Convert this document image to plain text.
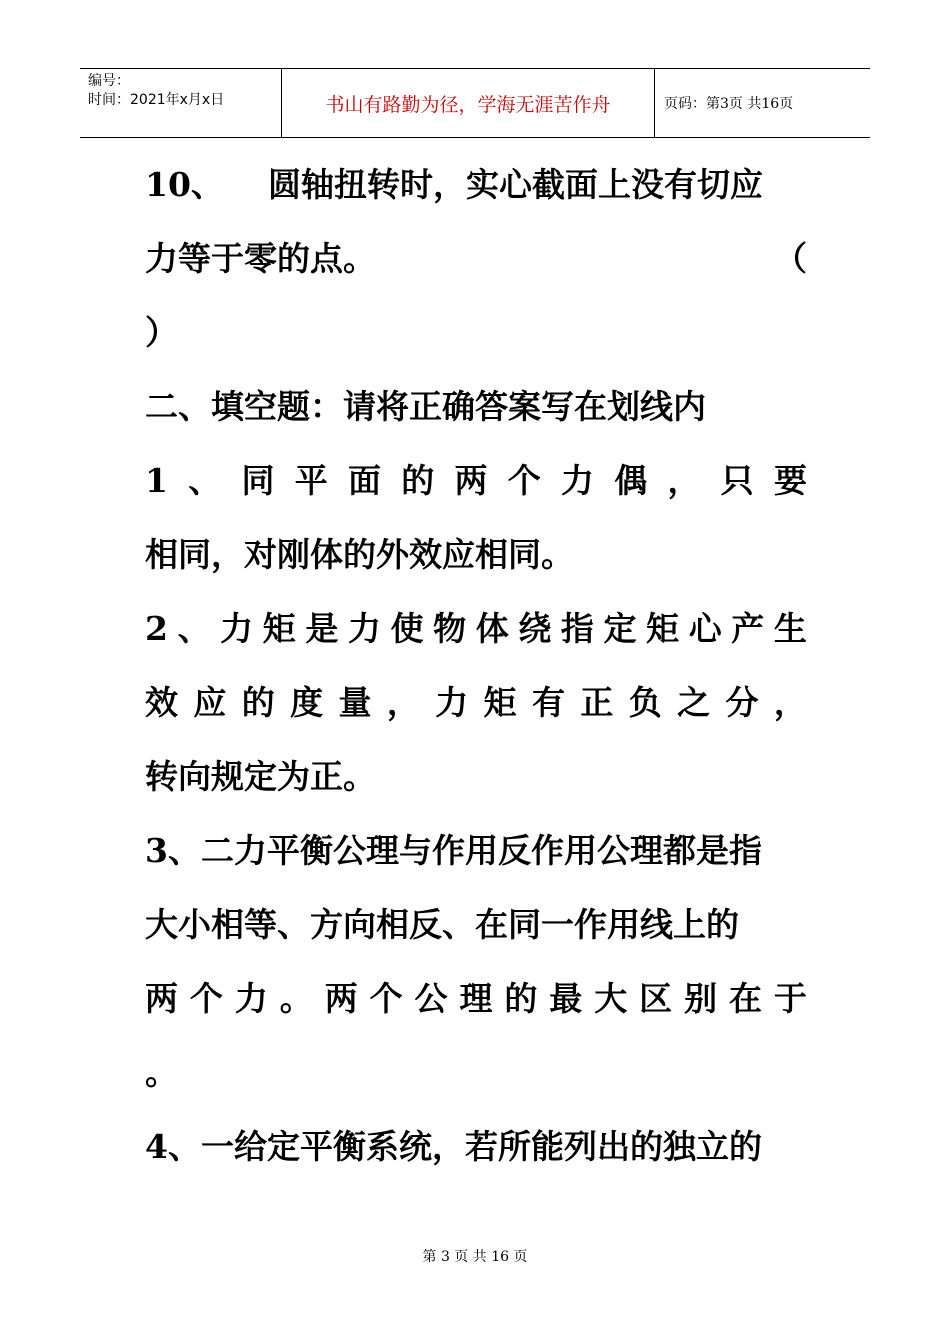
编号：
时间：2021年x月x日	书山有路勤为径，学海无涯苦作舟	页码：第3页 共16页
10、 圆轴扭转时，实心截面上没有切应
力等于零的点。	（
）
二、填空题：请将正确答案写在划线内
1 、 同 平 面 的 两 个 力 偶 ， 只 要
相同，对刚体的外效应相同。
2 、 力 矩 是 力 使 物 体 绕 指 定 矩 心 产 生
效 应 的 度 量 ， 力 矩 有 正 负 之 分 ，
转向规定为正。
3、二力平衡公理与作用反作用公理都是指
大小相等、方向相反、在同一作用线上的
两 个 力 。 两 个 公 理 的 最 大 区 别 在 于
。
4、一给定平衡系统，若所能列出的独立的
第 3 页 共 16 页
